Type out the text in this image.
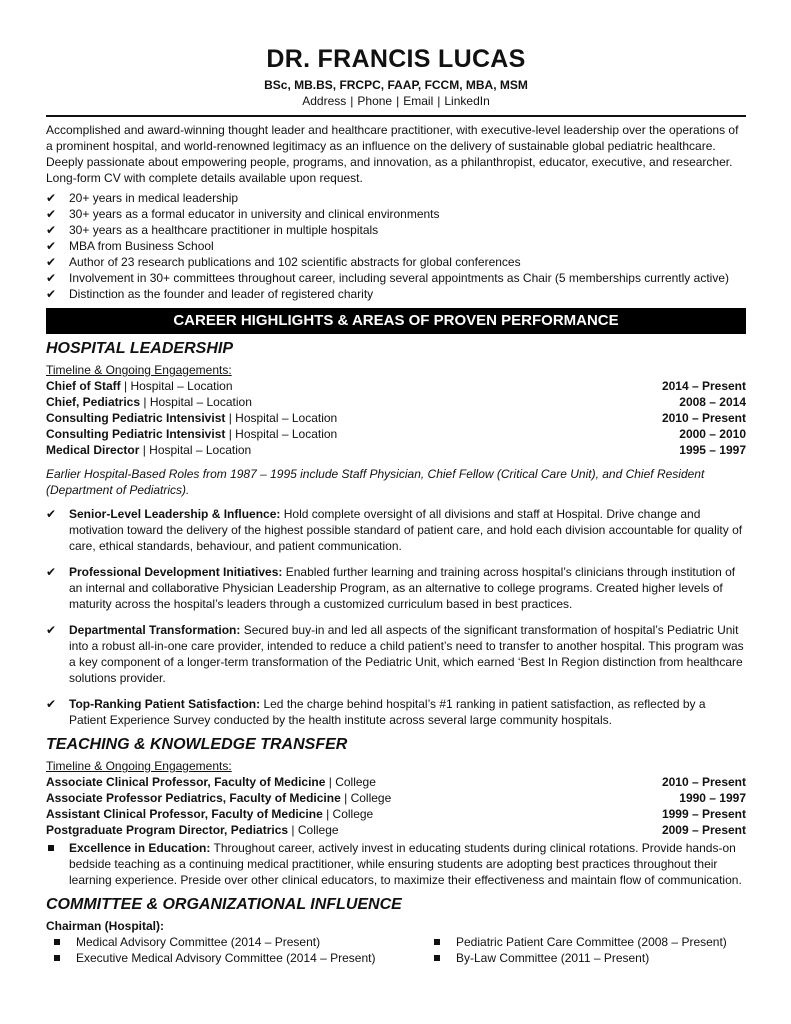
DR. FRANCIS LUCAS
BSc, MB.BS, FRCPC, FAAP, FCCM, MBA, MSM
Address | Phone | Email | LinkedIn

Accomplished and award-winning thought leader and healthcare practitioner, with executive-level leadership over the operations of a prominent hospital, and world-renowned legitimacy as an influence on the delivery of sustainable global pediatric healthcare. Deeply passionate about empowering people, programs, and innovation, as a philanthropist, educator, executive, and researcher. Long-form CV with complete details available upon request.

✔ 20+ years in medical leadership
✔ 30+ years as a formal educator in university and clinical environments
✔ 30+ years as a healthcare practitioner in multiple hospitals
✔ MBA from Business School
✔ Author of 23 research publications and 102 scientific abstracts for global conferences
✔ Involvement in 30+ committees throughout career, including several appointments as Chair (5 memberships currently active)
✔ Distinction as the founder and leader of registered charity
CAREER HIGHLIGHTS & AREAS OF PROVEN PERFORMANCE
HOSPITAL LEADERSHIP
Timeline & Ongoing Engagements:
Chief of Staff | Hospital – Location	2014 – Present
Chief, Pediatrics | Hospital – Location	2008 – 2014
Consulting Pediatric Intensivist | Hospital – Location	2010 – Present
Consulting Pediatric Intensivist | Hospital – Location	2000 – 2010
Medical Director | Hospital – Location	1995 – 1997
Earlier Hospital-Based Roles from 1987 – 1995 include Staff Physician, Chief Fellow (Critical Care Unit), and Chief Resident (Department of Pediatrics).
✔ Senior-Level Leadership & Influence: Hold complete oversight of all divisions and staff at Hospital. Drive change and motivation toward the delivery of the highest possible standard of patient care, and hold each division accountable for quality of care, ethical standards, behaviour, and patient communication.
✔ Professional Development Initiatives: Enabled further learning and training across hospital’s clinicians through institution of an internal and collaborative Physician Leadership Program, as an alternative to college programs. Created higher levels of maturity across the hospital’s leaders through a customized curriculum based in best practices.
✔ Departmental Transformation: Secured buy-in and led all aspects of the significant transformation of hospital’s Pediatric Unit into a robust all-in-one care provider, intended to reduce a child patient’s need to transfer to another hospital. This program was a key component of a longer-term transformation of the Pediatric Unit, which earned ‘Best In Region distinction from healthcare solutions provider.
✔ Top-Ranking Patient Satisfaction: Led the charge behind hospital’s #1 ranking in patient satisfaction, as reflected by a Patient Experience Survey conducted by the health institute across several large community hospitals.
TEACHING & KNOWLEDGE TRANSFER
Timeline & Ongoing Engagements:
Associate Clinical Professor, Faculty of Medicine | College	2010 – Present
Associate Professor Pediatrics, Faculty of Medicine | College	1990 – 1997
Assistant Clinical Professor, Faculty of Medicine | College	1999 – Present
Postgraduate Program Director, Pediatrics | College	2009 – Present
Excellence in Education: Throughout career, actively invest in educating students during clinical rotations. Provide hands-on bedside teaching as a continuing medical practitioner, while ensuring students are adopting best practices throughout their learning experience. Preside over other clinical educators, to maximize their effectiveness and maintain flow of communication.
COMMITTEE & ORGANIZATIONAL INFLUENCE
Chairman (Hospital):
Medical Advisory Committee (2014 – Present)
Executive Medical Advisory Committee (2014 – Present)
Pediatric Patient Care Committee (2008 – Present)
By-Law Committee (2011 – Present)
